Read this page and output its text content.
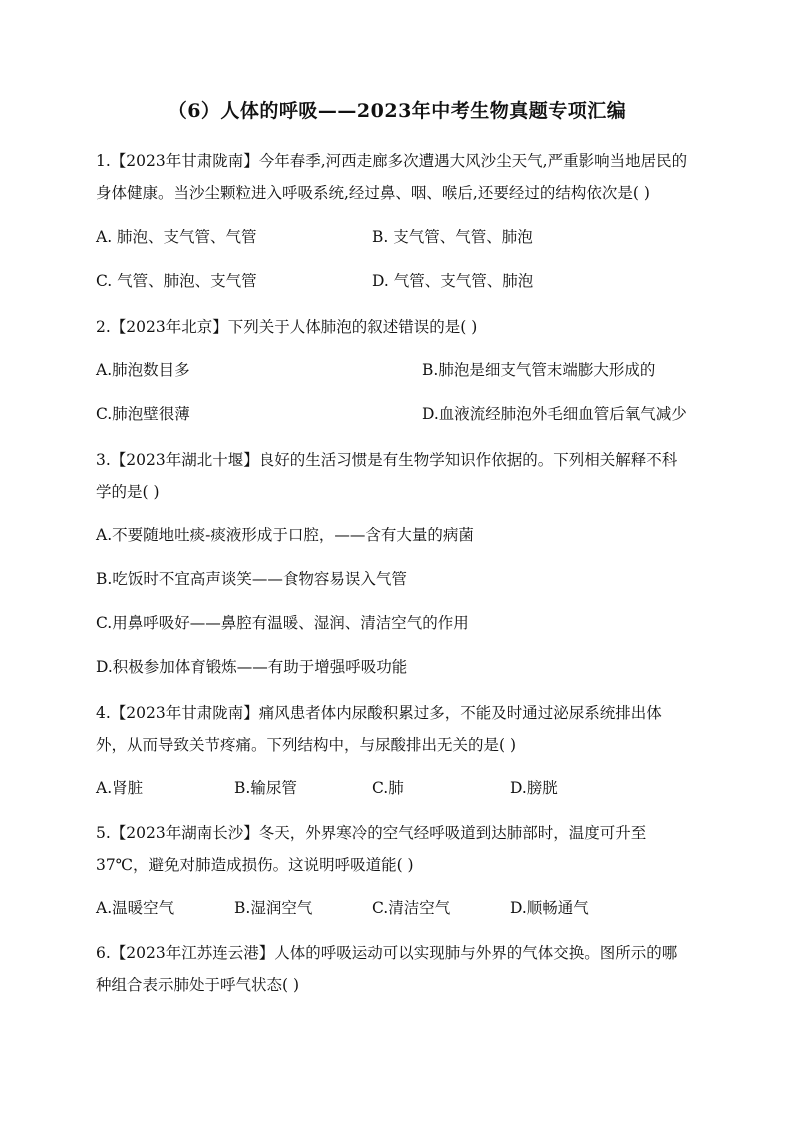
（6）人体的呼吸——2023年中考生物真题专项汇编

1.【2023年甘肃陇南】今年春季,河西走廊多次遭遇大风沙尘天气,严重影响当地居民的

身体健康。当沙尘颗粒进入呼吸系统,经过鼻、咽、喉后,还要经过的结构依次是( )

A. 肺泡、支气管、气管	B. 支气管、气管、肺泡
C. 气管、肺泡、支气管	D. 气管、支气管、肺泡

2.【2023年北京】下列关于人体肺泡的叙述错误的是( )

A.肺泡数目多	B.肺泡是细支气管末端膨大形成的
C.肺泡壁很薄	D.血液流经肺泡外毛细血管后氧气减少

3.【2023年湖北十堰】良好的生活习惯是有生物学知识作依据的。下列相关解释不科

学的是( )

A.不要随地吐痰-痰液形成于口腔，——含有大量的病菌
B.吃饭时不宜高声谈笑——食物容易误入气管
C.用鼻呼吸好——鼻腔有温暖、湿润、清洁空气的作用
D.积极参加体育锻炼——有助于增强呼吸功能

4.【2023年甘肃陇南】痛风患者体内尿酸积累过多，不能及时通过泌尿系统排出体

外，从而导致关节疼痛。下列结构中，与尿酸排出无关的是( )

A.肾脏	B.输尿管	C.肺	D.膀胱

5.【2023年湖南长沙】冬天，外界寒冷的空气经呼吸道到达肺部时，温度可升至

37℃，避免对肺造成损伤。这说明呼吸道能( )

A.温暖空气	B.湿润空气	C.清洁空气	D.顺畅通气

6.【2023年江苏连云港】人体的呼吸运动可以实现肺与外界的气体交换。图所示的哪

种组合表示肺处于呼气状态( )
